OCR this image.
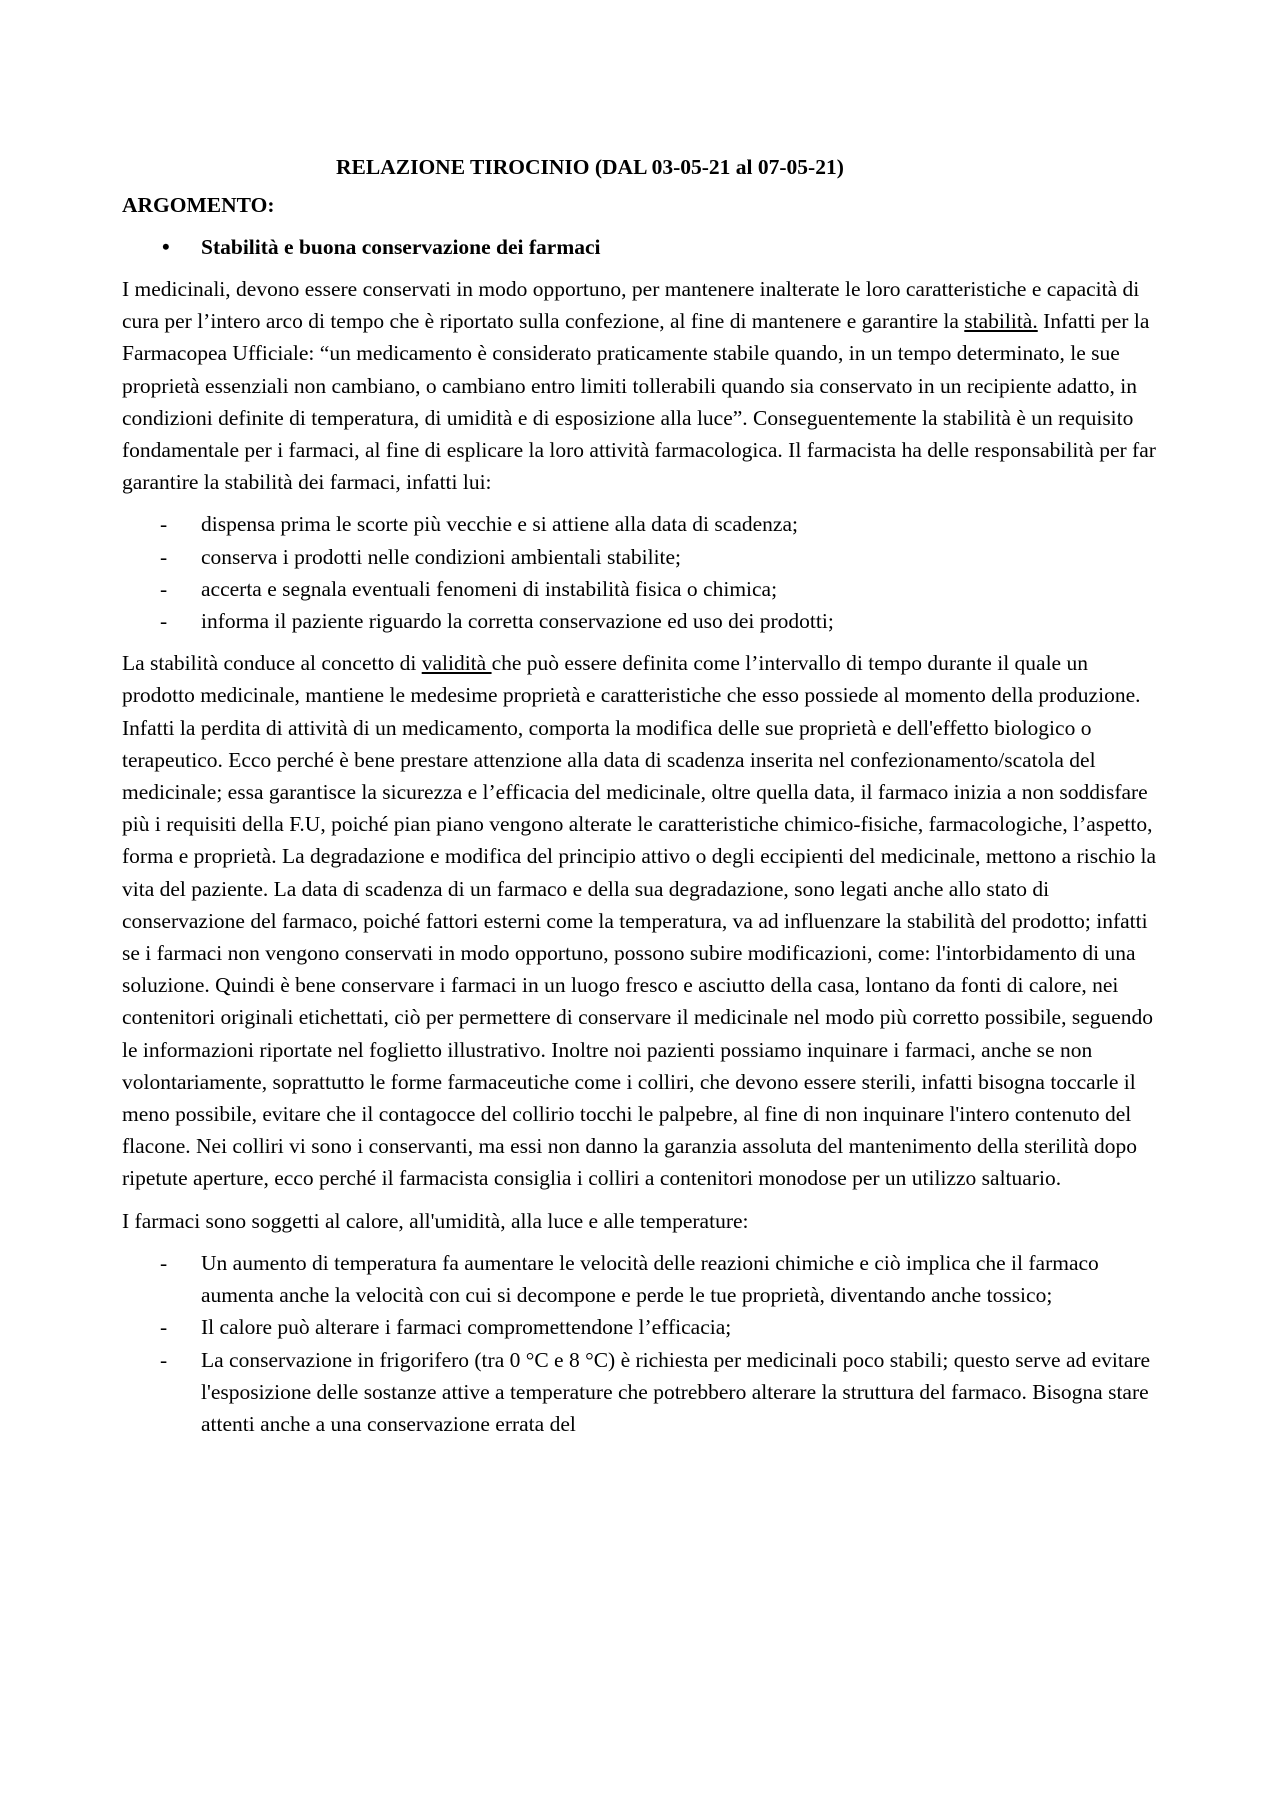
RELAZIONE TIROCINIO (DAL 03-05-21 al 07-05-21)
ARGOMENTO:
• Stabilità e buona conservazione dei farmaci

I medicinali, devono essere conservati in modo opportuno, per mantenere inalterate le loro caratteristiche e capacità di cura per l’intero arco di tempo che è riportato sulla confezione, al fine di mantenere e garantire la stabilità. Infatti per la Farmacopea Ufficiale: “un medicamento è considerato praticamente stabile quando, in un tempo determinato, le sue proprietà essenziali non cambiano, o cambiano entro limiti tollerabili quando sia conservato in un recipiente adatto, in condizioni definite di temperatura, di umidità e di esposizione alla luce”. Conseguentemente la stabilità è un requisito fondamentale per i farmaci, al fine di esplicare la loro attività farmacologica. Il farmacista ha delle responsabilità per far garantire la stabilità dei farmaci, infatti lui:

- dispensa prima le scorte più vecchie e si attiene alla data di scadenza;
- conserva i prodotti nelle condizioni ambientali stabilite;
- accerta e segnala eventuali fenomeni di instabilità fisica o chimica;
- informa il paziente riguardo la corretta conservazione ed uso dei prodotti;

La stabilità conduce al concetto di validità che può essere definita come l’intervallo di tempo durante il quale un prodotto medicinale, mantiene le medesime proprietà e caratteristiche che esso possiede al momento della produzione. Infatti la perdita di attività di un medicamento, comporta la modifica delle sue proprietà e dell'effetto biologico o terapeutico. Ecco perché è bene prestare attenzione alla data di scadenza inserita nel confezionamento/scatola del medicinale; essa garantisce la sicurezza e l’efficacia del medicinale, oltre quella data, il farmaco inizia a non soddisfare più i requisiti della F.U, poiché pian piano vengono alterate le caratteristiche chimico-fisiche, farmacologiche, l’aspetto, forma e proprietà. La degradazione e modifica del principio attivo o degli eccipienti del medicinale, mettono a rischio la vita del paziente. La data di scadenza di un farmaco e della sua degradazione, sono legati anche allo stato di conservazione del farmaco, poiché fattori esterni come la temperatura, va ad influenzare la stabilità del prodotto; infatti se i farmaci non vengono conservati in modo opportuno, possono subire modificazioni, come: l'intorbidamento di una soluzione. Quindi è bene conservare i farmaci in un luogo fresco e asciutto della casa, lontano da fonti di calore, nei contenitori originali etichettati, ciò per permettere di conservare il medicinale nel modo più corretto possibile, seguendo le informazioni riportate nel foglietto illustrativo. Inoltre noi pazienti possiamo inquinare i farmaci, anche se non volontariamente, soprattutto le forme farmaceutiche come i colliri, che devono essere sterili, infatti bisogna toccarle il meno possibile, evitare che il contagocce del collirio tocchi le palpebre, al fine di non inquinare l'intero contenuto del flacone. Nei colliri vi sono i conservanti, ma essi non danno la garanzia assoluta del mantenimento della sterilità dopo ripetute aperture, ecco perché il farmacista consiglia i colliri a contenitori monodose per un utilizzo saltuario.

I farmaci sono soggetti al calore, all'umidità, alla luce e alle temperature:

- Un aumento di temperatura fa aumentare le velocità delle reazioni chimiche e ciò implica che il farmaco aumenta anche la velocità con cui si decompone e perde le tue proprietà, diventando anche tossico;
- Il calore può alterare i farmaci compromettendone l’efficacia;
- La conservazione in frigorifero (tra 0 °C e 8 °C) è richiesta per medicinali poco stabili; questo serve ad evitare l'esposizione delle sostanze attive a temperature che potrebbero alterare la struttura del farmaco. Bisogna stare attenti anche a una conservazione errata del
